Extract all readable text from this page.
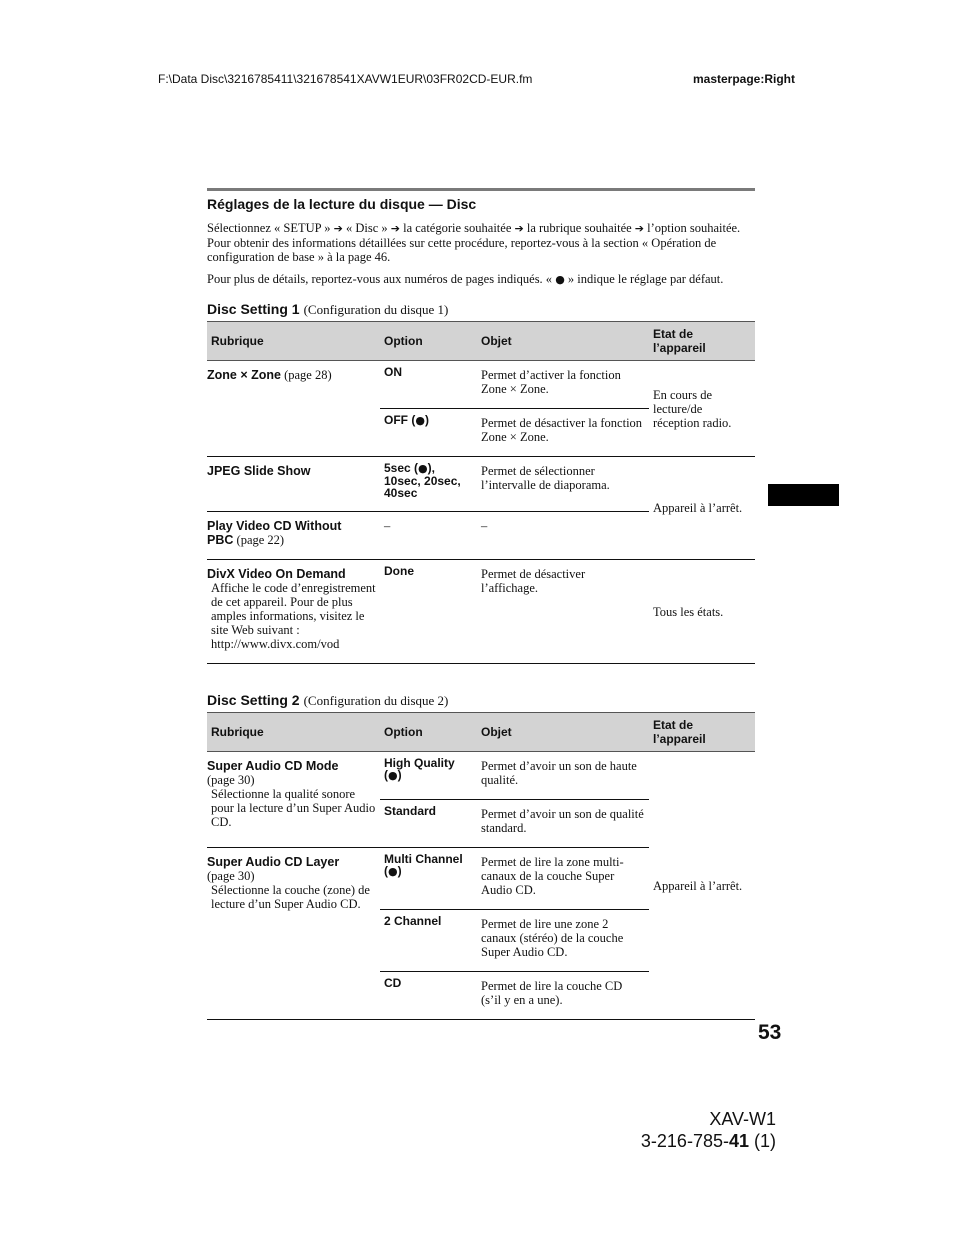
F:\Data Disc\3216785411\321678541XAVW1EUR\03FR02CD-EUR.fm	masterpage:Right
Réglages de la lecture du disque — Disc
Sélectionnez « SETUP » ➔ « Disc » ➔ la catégorie souhaitée ➔ la rubrique souhaitée ➔ l’option souhaitée. Pour obtenir des informations détaillées sur cette procédure, reportez-vous à la section « Opération de configuration de base » à la page 46.
Pour plus de détails, reportez-vous aux numéros de pages indiqués. « ● » indique le réglage par défaut.
Disc Setting 1 (Configuration du disque 1)
Rubrique	Option	Objet	Etat de
l’appareil
Zone × Zone (page 28)	ON	Permet d’activer la fonction Zone × Zone.	En cours de lecture/de réception radio.
	OFF (●)	Permet de désactiver la fonction Zone × Zone.	
JPEG Slide Show	5sec (●),
10sec, 20sec,
40sec	Permet de sélectionner l’intervalle de diaporama.	Appareil à l’arrêt.
Play Video CD Without
PBC (page 22)	–	–	
DivX Video On Demand
Affiche le code d’enregistrement de cet appareil. Pour de plus amples informations, visitez le site Web suivant :
http://www.divx.com/vod	Done	Permet de désactiver l’affichage.	Tous les états.
Disc Setting 2 (Configuration du disque 2)
Rubrique	Option	Objet	Etat de
l’appareil
Super Audio CD Mode
(page 30)
Sélectionne la qualité sonore pour la lecture d’un Super Audio CD.	High Quality
(●)	Permet d’avoir un son de haute qualité.	Appareil à l’arrêt.
	Standard	Permet d’avoir un son de qualité standard.	
Super Audio CD Layer
(page 30)
Sélectionne la couche (zone) de lecture d’un Super Audio CD.	Multi Channel
(●)	Permet de lire la zone multi-canaux de la couche Super Audio CD.	
	2 Channel	Permet de lire une zone 2 canaux (stéréo) de la couche Super Audio CD.	
	CD	Permet de lire la couche CD (s’il y en a une).	
53
XAV-W1
3-216-785-41 (1)
